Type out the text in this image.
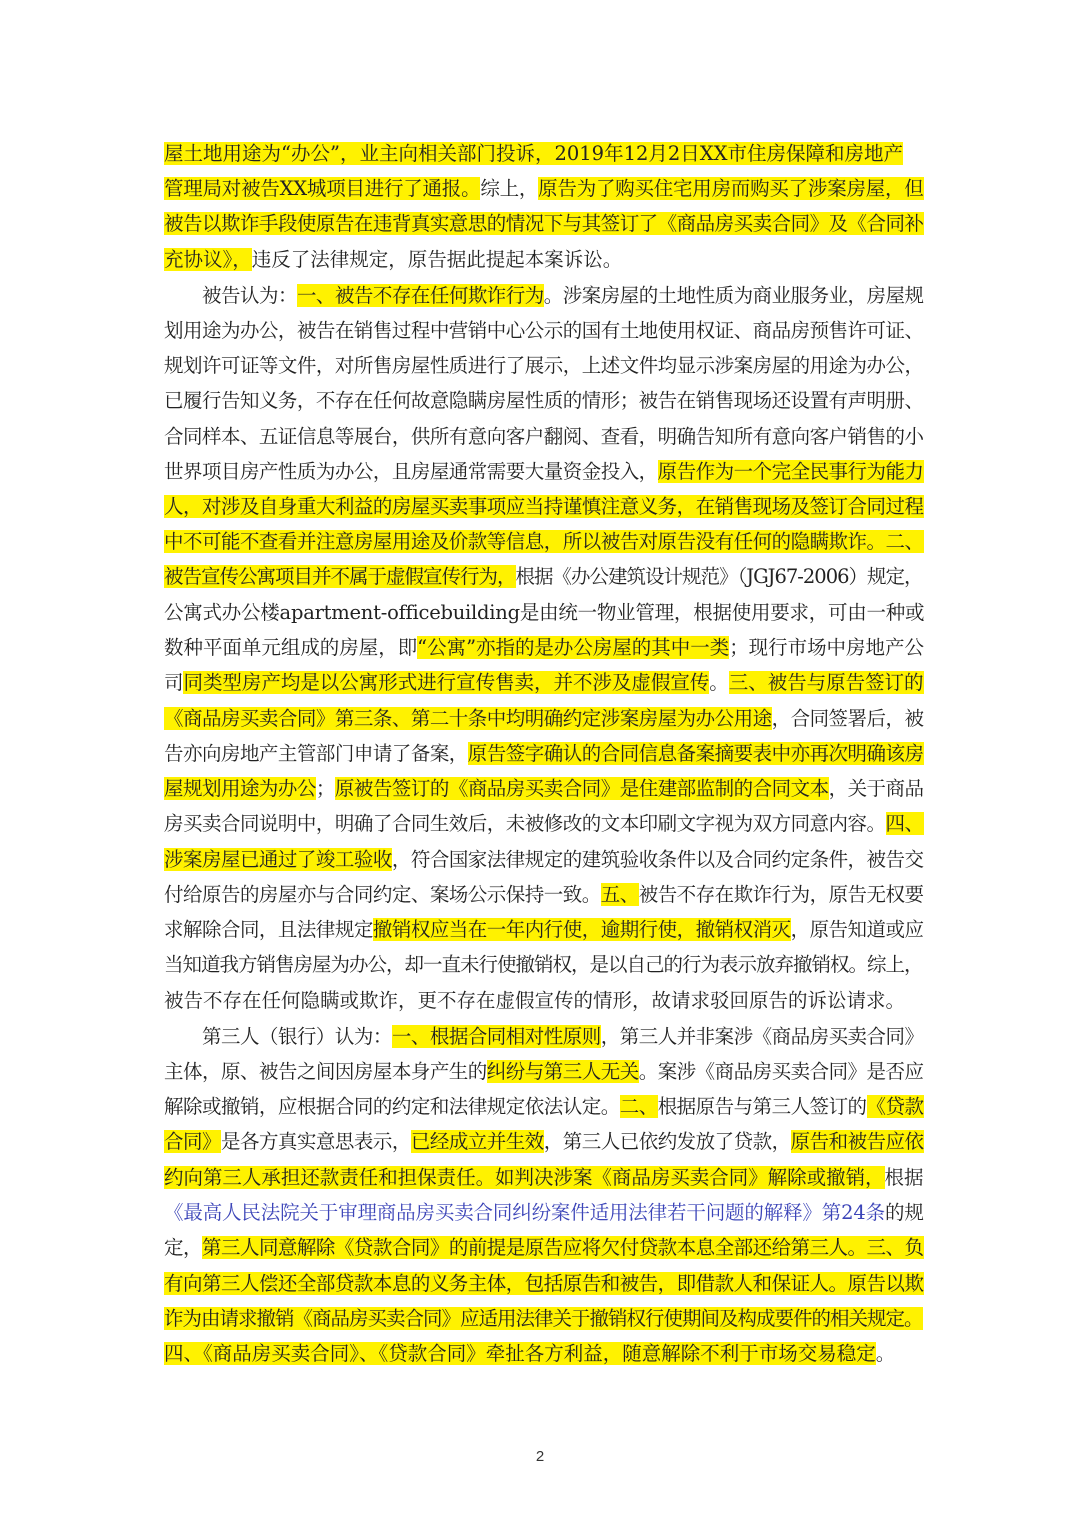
屋土地用途为“办公”，业主向相关部门投诉，2019年12月2日XX市住房保障和房地产
管理局对被告XX城项目进行了通报。综上，原告为了购买住宅用房而购买了涉案房屋，但
被告以欺诈手段使原告在违背真实意思的情况下与其签订了《商品房买卖合同》及《合同补
充协议》，违反了法律规定，原告据此提起本案诉讼。
被告认为：一、被告不存在任何欺诈行为。涉案房屋的土地性质为商业服务业，房屋规
划用途为办公，被告在销售过程中营销中心公示的国有土地使用权证、商品房预售许可证、
规划许可证等文件，对所售房屋性质进行了展示，上述文件均显示涉案房屋的用途为办公，
已履行告知义务，不存在任何故意隐瞒房屋性质的情形；被告在销售现场还设置有声明册、
合同样本、五证信息等展台，供所有意向客户翻阅、查看，明确告知所有意向客户销售的小
世界项目房产性质为办公，且房屋通常需要大量资金投入，原告作为一个完全民事行为能力
人，对涉及自身重大利益的房屋买卖事项应当持谨慎注意义务，在销售现场及签订合同过程
中不可能不查看并注意房屋用途及价款等信息，所以被告对原告没有任何的隐瞒欺诈。二、
被告宣传公寓项目并不属于虚假宣传行为，根据《办公建筑设计规范》（JGJ67-2006）规定，
公寓式办公楼apartment-officebuilding是由统一物业管理，根据使用要求，可由一种或
数种平面单元组成的房屋，即“公寓”亦指的是办公房屋的其中一类；现行市场中房地产公
司同类型房产均是以公寓形式进行宣传售卖，并不涉及虚假宣传。三、被告与原告签订的
《商品房买卖合同》第三条、第二十条中均明确约定涉案房屋为办公用途，合同签署后，被
告亦向房地产主管部门申请了备案，原告签字确认的合同信息备案摘要表中亦再次明确该房
屋规划用途为办公；原被告签订的《商品房买卖合同》是住建部监制的合同文本，关于商品
房买卖合同说明中，明确了合同生效后，未被修改的文本印刷文字视为双方同意内容。四、
涉案房屋已通过了竣工验收，符合国家法律规定的建筑验收条件以及合同约定条件，被告交
付给原告的房屋亦与合同约定、案场公示保持一致。五、被告不存在欺诈行为，原告无权要
求解除合同，且法律规定撤销权应当在一年内行使，逾期行使，撤销权消灭，原告知道或应
当知道我方销售房屋为办公，却一直未行使撤销权，是以自己的行为表示放弃撤销权。综上，
被告不存在任何隐瞒或欺诈，更不存在虚假宣传的情形，故请求驳回原告的诉讼请求。
第三人（银行）认为：一、根据合同相对性原则，第三人并非案涉《商品房买卖合同》
主体，原、被告之间因房屋本身产生的纠纷与第三人无关。案涉《商品房买卖合同》是否应
解除或撤销，应根据合同的约定和法律规定依法认定。二、根据原告与第三人签订的《贷款
合同》是各方真实意思表示，已经成立并生效，第三人已依约发放了贷款，原告和被告应依
约向第三人承担还款责任和担保责任。如判决涉案《商品房买卖合同》解除或撤销，根据
《最高人民法院关于审理商品房买卖合同纠纷案件适用法律若干问题的解释》第24条的规
定，第三人同意解除《贷款合同》的前提是原告应将欠付贷款本息全部还给第三人。三、负
有向第三人偿还全部贷款本息的义务主体，包括原告和被告，即借款人和保证人。原告以欺
诈为由请求撤销《商品房买卖合同》应适用法律关于撤销权行使期间及构成要件的相关规定。
四、《商品房买卖合同》、《贷款合同》牵扯各方利益，随意解除不利于市场交易稳定。
2
